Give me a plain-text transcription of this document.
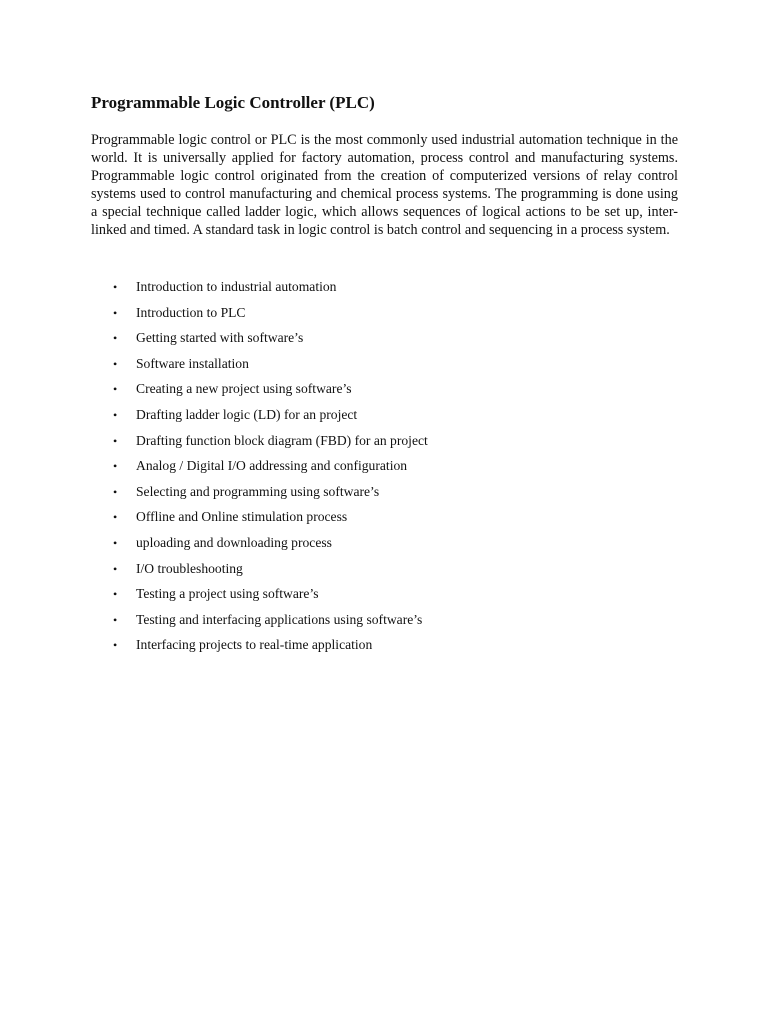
Programmable Logic Controller (PLC)

Programmable logic control or PLC is the most commonly used industrial automation technique in the world. It is universally applied for factory automation, process control and manufacturing systems. Programmable logic control originated from the creation of computerized versions of relay control systems used to control manufacturing and chemical process systems. The programming is done using a special technique called ladder logic, which allows sequences of logical actions to be set up, inter-linked and timed. A standard task in logic control is batch control and sequencing in a process system.

• Introduction to industrial automation
• Introduction to PLC
• Getting started with software’s
• Software installation
• Creating a new project using software’s
• Drafting ladder logic (LD) for an project
• Drafting function block diagram (FBD) for an project
• Analog / Digital I/O addressing and configuration
• Selecting and programming using software’s
• Offline and Online stimulation process
• uploading and downloading process
• I/O troubleshooting
• Testing a project using software’s
• Testing and interfacing applications using software’s
• Interfacing projects to real-time application
